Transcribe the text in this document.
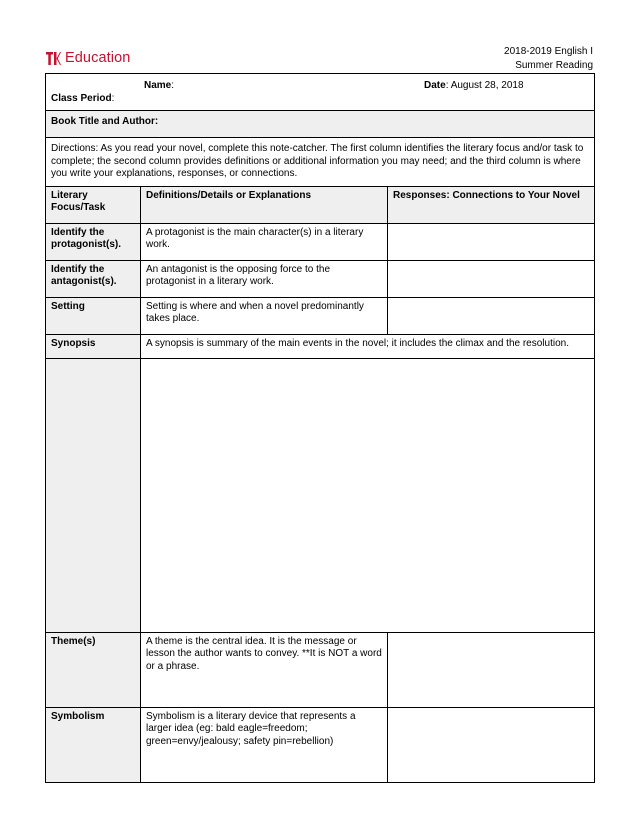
Education	2018-2019 English I
Summer Reading
Name: Date: August 28, 2018
Class Period:		

Book Title and Author:		
Directions: As you read your novel, complete this note-catcher. The first column identifies the literary focus and/or task to complete; the second column provides definitions or additional information you may need; and the third column is where you write your explanations, responses, or connections.		
Literary Focus/Task	Definitions/Details or Explanations	Responses: Connections to Your Novel
Identify the protagonist(s).	A protagonist is the main character(s) in a literary work.	
Identify the antagonist(s).	An antagonist is the opposing force to the protagonist in a literary work.	
Setting	Setting is where and when a novel predominantly takes place.	
Synopsis	A synopsis is summary of the main events in the novel; it includes the climax and the resolution.	

Theme(s)	A theme is the central idea. It is the message or lesson the author wants to convey. **It is NOT a word or a phrase.	
Symbolism	Symbolism is a literary device that represents a larger idea (eg: bald eagle=freedom; green=envy/jealousy; safety pin=rebellion)	
